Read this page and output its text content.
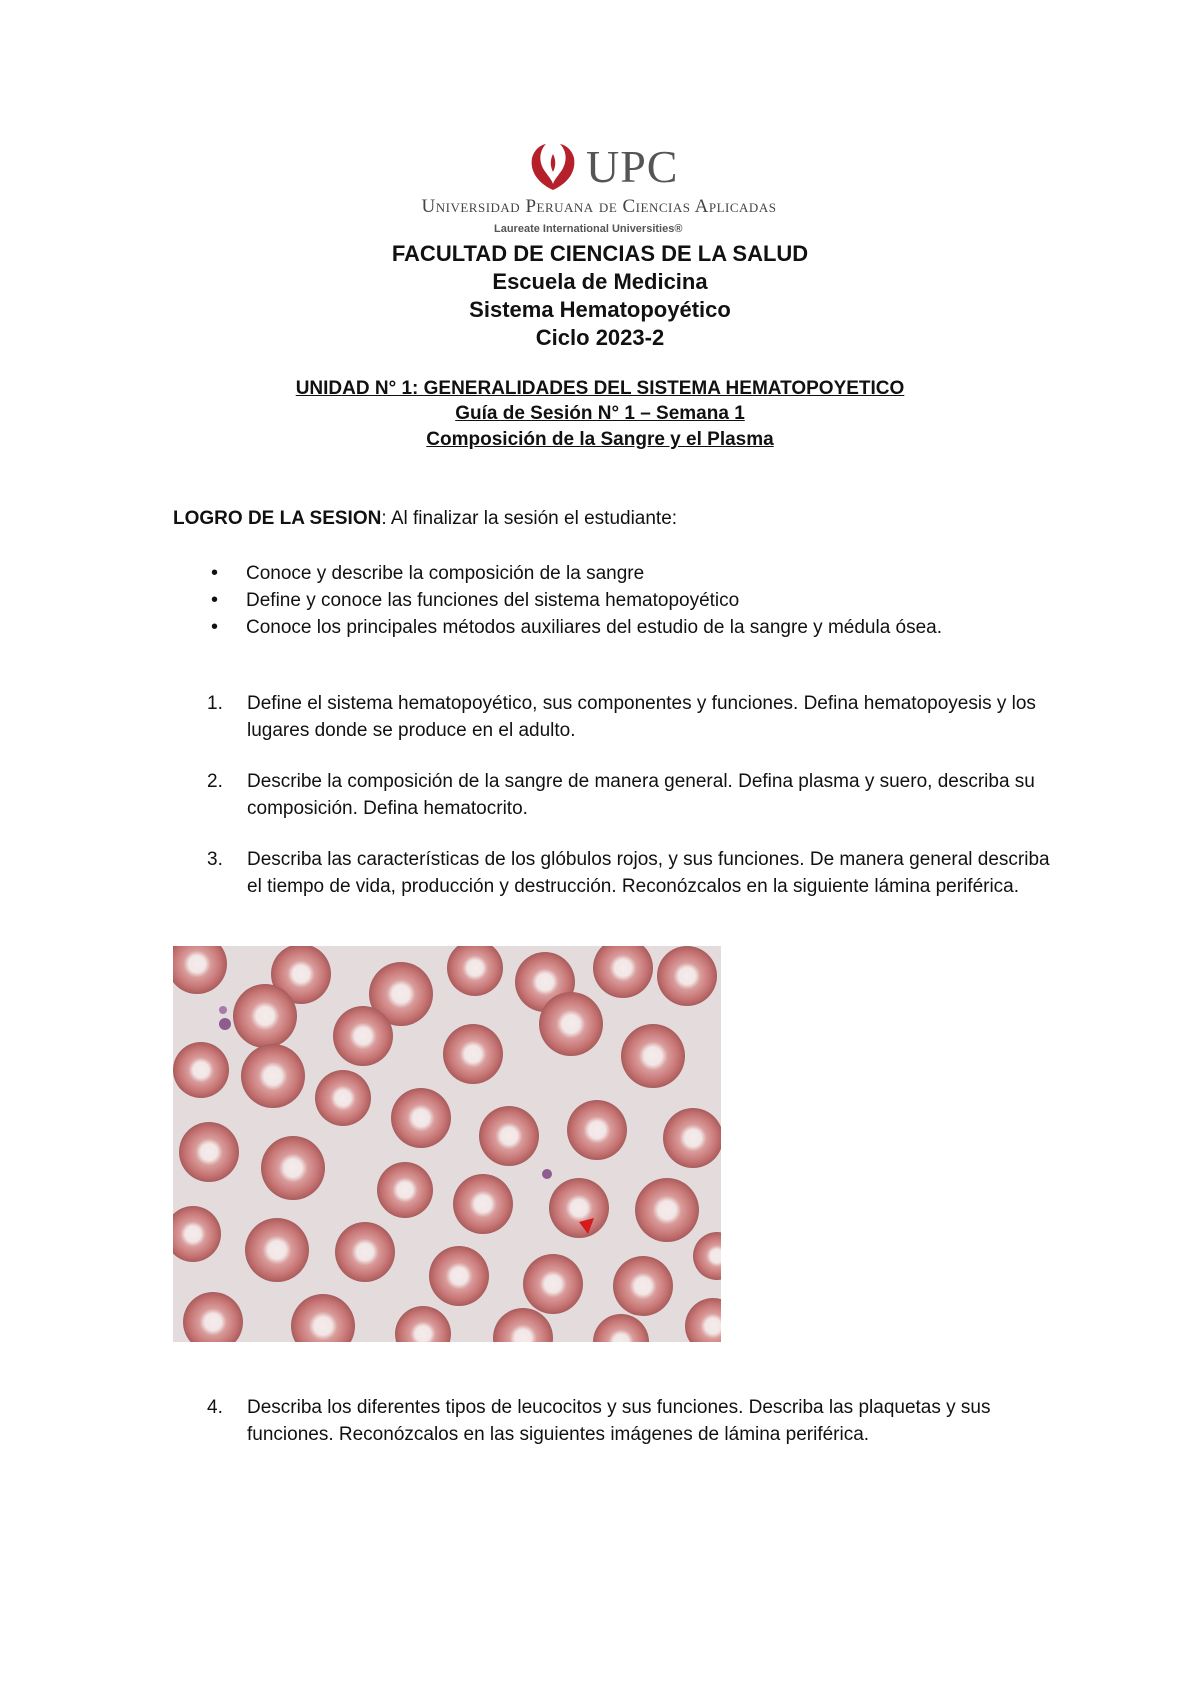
UPC
Universidad Peruana de Ciencias Aplicadas
Laureate International Universities®
FACULTAD DE CIENCIAS DE LA SALUD
Escuela de Medicina
Sistema Hematopoyético
Ciclo 2023-2
UNIDAD N° 1: GENERALIDADES DEL SISTEMA HEMATOPOYETICO
Guía de Sesión N° 1 – Semana 1
Composición de la Sangre y el Plasma
LOGRO DE LA SESION: Al finalizar la sesión el estudiante:

• Conoce y describe la composición de la sangre

• Define y conoce las funciones del sistema hematopoyético

• Conoce los principales métodos auxiliares del estudio de la sangre y médula ósea.

1. Define el sistema hematopoyético, sus componentes y funciones. Defina hematopoyesis y los lugares donde se produce en el adulto.
2. Describe la composición de la sangre de manera general. Defina plasma y suero, describa su composición. Defina hematocrito.
3. Describa las características de los glóbulos rojos, y sus funciones. De manera general describa el tiempo de vida, producción y destrucción. Reconózcalos en la siguiente lámina periférica.
4. Describa los diferentes tipos de leucocitos y sus funciones. Describa las plaquetas y sus funciones. Reconózcalos en las siguientes imágenes de lámina periférica.
